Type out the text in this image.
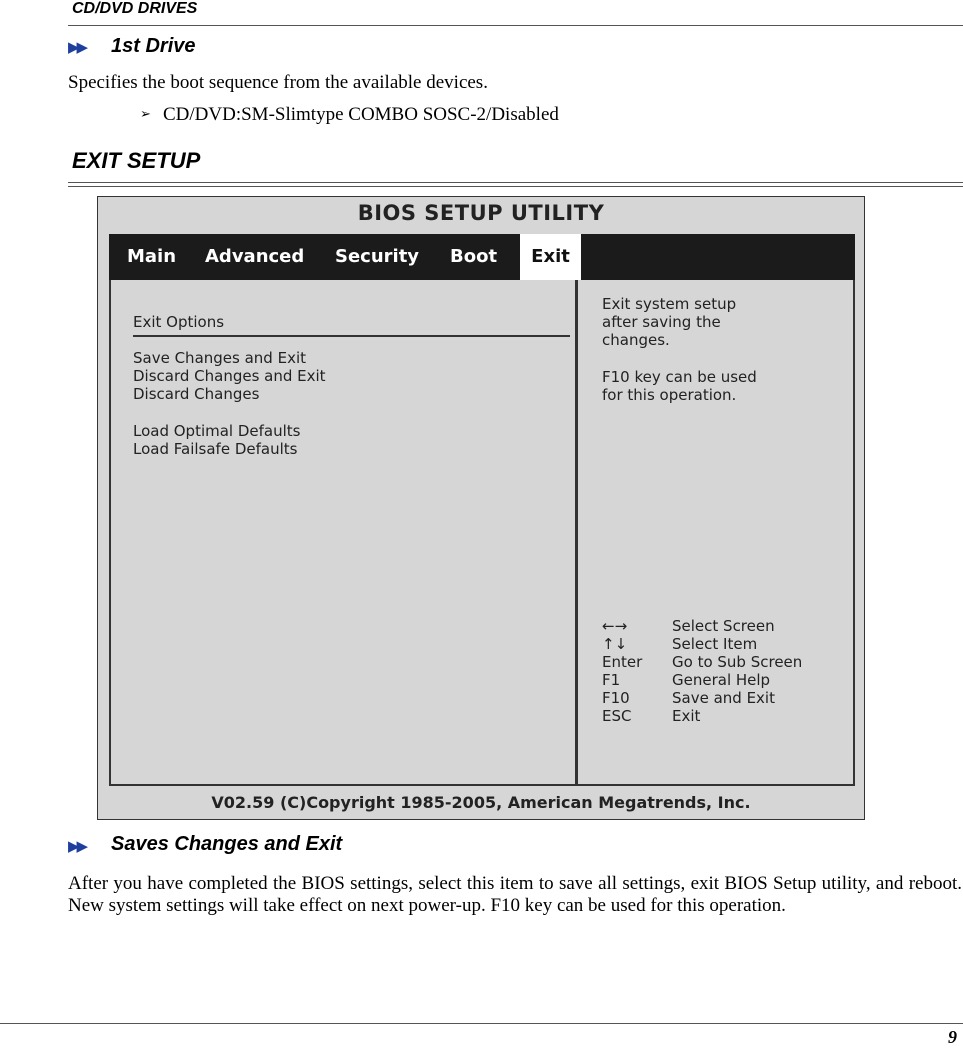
CD/DVD DRIVES
▶▶ 1st Drive
Specifies the boot sequence from the available devices.
➢ CD/DVD:SM-Slimtype COMBO SOSC-2/Disabled
EXIT SETUP
BIOS SETUP UTILITY
Main Advanced Security Boot	Exit
Exit Options
Save Changes and Exit
Discard Changes and Exit
Discard Changes
Load Optimal Defaults
Load Failsafe Defaults
Exit system setup
after saving the
changes.
F10 key can be used
for this operation.
←→	Select Screen
↑↓	Select Item
Enter Go to Sub Screen
F1	General Help
F10	Save and Exit
ESC	Exit
V02.59 (C)Copyright 1985-2005, American Megatrends, Inc.
▶▶ Saves Changes and Exit
After you have completed the BIOS settings, select this item to save all settings, exit BIOS Setup utility, and reboot. New system settings will take effect on next power-up. F10 key can be used for this operation.
9
